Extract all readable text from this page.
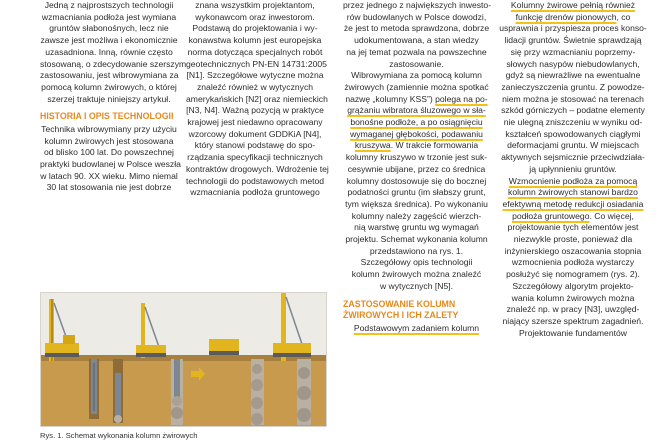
Jedną z najprostszych technologii
wzmacniania podłoża jest wymiana
gruntów słabonośnych, lecz nie
zawsze jest możliwa i ekonomicznie
uzasadniona. Inną, równie często
stosowaną, o zdecydowanie szerszym
zastosowaniu, jest wibrowymiana za
pomocą kolumn żwirowych, o której
szerzej traktuje niniejszy artykuł.

HISTORIA I OPIS TECHNOLOGII

Technika wibrowymiany przy użyciu
kolumn żwirowych jest stosowana
od blisko 100 lat. Do powszechnej
praktyki budowlanej w Polsce weszła
w latach 90. XX wieku. Mimo niemal
30 lat stosowania nie jest dobrze

znana wszystkim projektantom,
wykonawcom oraz inwestorom.
Podstawą do projektowania i wy-
konawstwa kolumn jest europejska
norma dotycząca specjalnych robót
geotechnicznych PN-EN 14731:2005
[N1]. Szczegółowe wytyczne można
znaleźć również w wytycznych
amerykańskich [N2] oraz niemieckich
[N3, N4]. Ważną pozycją w praktyce
krajowej jest niedawno opracowany
wzorcowy dokument GDDKiA [N4],
który stanowi podstawę do spo-
rządzania specyfikacji technicznych
kontraktów drogowych. Wdrożenie tej
technologii do podstawowych metod
wzmacniania podłoża gruntowego

przez jednego z największych inwesto-
rów budowlanych w Polsce dowodzi,
że jest to metoda sprawdzona, dobrze
udokumentowana, a stan wiedzy
na jej temat pozwala na powszechne
zastosowanie.

Wibrowymiana za pomocą kolumn
żwirowych (zamiennie można spotkać
nazwę „kolumny KSS”) polega na po-
grążaniu wibratora śluzowego w sła-
bonośne podłoże, a po osiągnięciu
wymaganej głębokości, podawaniu
kruszywa. W trakcie formowania
kolumny kruszywo w trzonie jest suk-
cesywnie ubijane, przez co średnica
kolumny dostosowuje się do bocznej
podatności gruntu (im słabszy grunt,
tym większa średnica). Po wykonaniu
kolumny należy zagęścić wierzch-
nią warstwę gruntu wg wymagań
projektu. Schemat wykonania kolumn
przedstawiono na rys. 1.
Szczegółowy opis technologii
kolumn żwirowych można znaleźć
w wytycznych [N5].

ZASTOSOWANIE KOLUMN
ŻWIROWYCH I ICH ZALETY

Podstawowym zadaniem kolumn

Kolumny żwirowe pełnią również
funkcję drenów pionowych, co
usprawnia i przyspiesza proces konso-
lidacji gruntów. Świetnie sprawdzają
się przy wzmacnianiu poprzemy-
słowych nasypów niebudowlanych,
gdyż są niewrażliwe na ewentualne
zanieczyszczenia gruntu. Z powodze-
niem można je stosować na terenach
szkód górniczych – podatne elementy
nie ulegną zniszczeniu w wyniku od-
kształceń spowodowanych ciągłymi
deformacjami gruntu. W miejscach
aktywnych sejsmicznie przeciwdziała-
ją upłynnieniu gruntów.

Wzmocnienie podłoża za pomocą
kolumn żwirowych stanowi bardzo
efektywną metodę redukcji osiadania
podłoża gruntowego. Co więcej,
projektowanie tych elementów jest
niezwykle proste, ponieważ dla
inżynierskiego oszacowania stopnia
wzmocnienia podłoża wystarczy
posłużyć się nomogramem (rys. 2).
Szczegółowy algorytm projekto-
wania kolumn żwirowych można
znaleźć np. w pracy [N3], uwzględ-
niający szersze spektrum zagadnień.
Projektowanie fundamentów

Rys. 1. Schemat wykonania kolumn żwirowych
